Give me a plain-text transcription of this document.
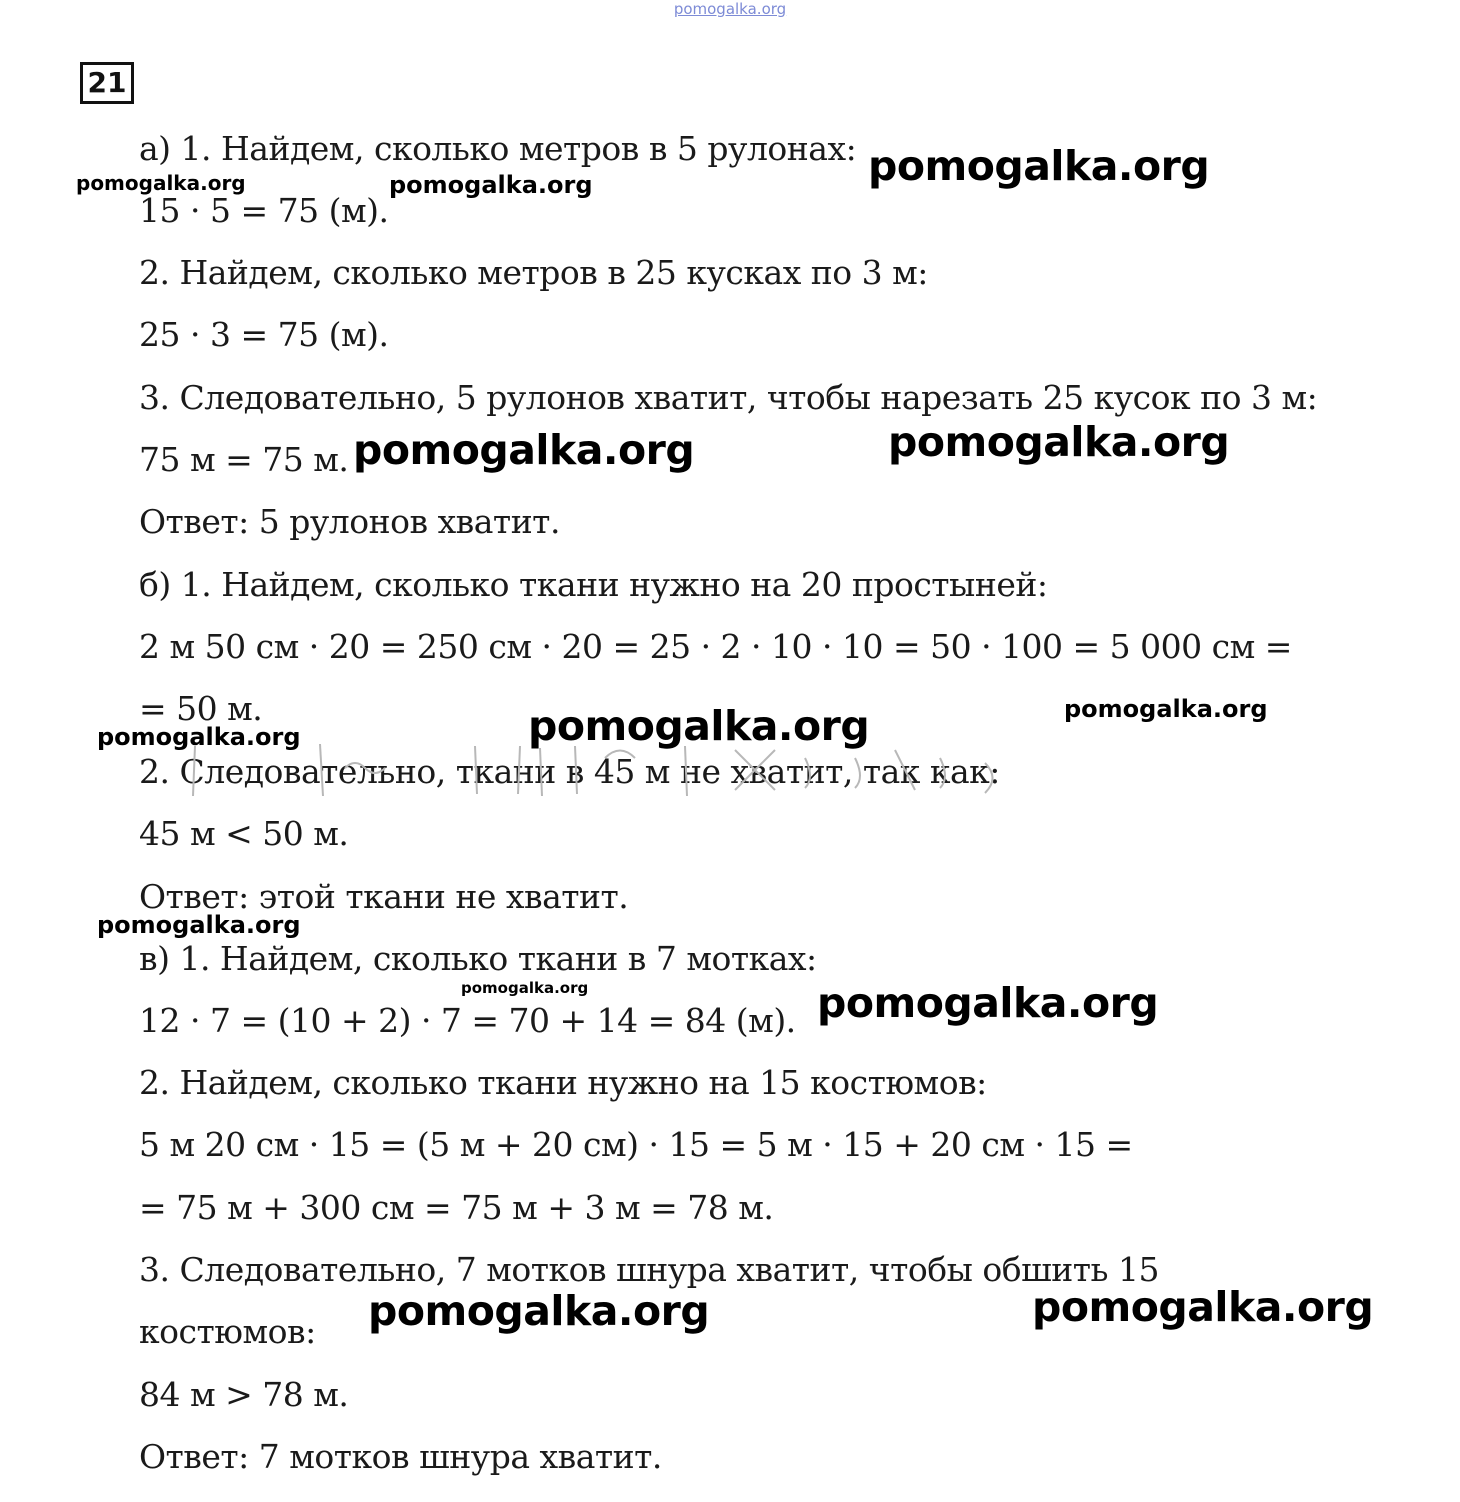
pomogalka.org
21
а) 1. Найдем, сколько метров в 5 рулонах:
15 · 5 = 75 (м).
2. Найдем, сколько метров в 25 кусках по 3 м:
25 · 3 = 75 (м).
3. Следовательно, 5 рулонов хватит, чтобы нарезать 25 кусок по 3 м:
75 м = 75 м.
Ответ: 5 рулонов хватит.
б) 1. Найдем, сколько ткани нужно на 20 простыней:
2 м 50 см · 20 = 250 см · 20 = 25 · 2 · 10 · 10 = 50 · 100 = 5 000 см =
= 50 м.
2. Следовательно, ткани в 45 м не хватит, так как:
45 м < 50 м.
Ответ: этой ткани не хватит.
в) 1. Найдем, сколько ткани в 7 мотках:
12 · 7 = (10 + 2) · 7 = 70 + 14 = 84 (м).
2. Найдем, сколько ткани нужно на 15 костюмов:
5 м 20 см · 15 = (5 м + 20 см) · 15 = 5 м · 15 + 20 см · 15 =
= 75 м + 300 см = 75 м + 3 м = 78 м.
3. Следовательно, 7 мотков шнура хватит, чтобы обшить 15
костюмов:
84 м > 78 м.
Ответ: 7 мотков шнура хватит.
pomogalka.org
pomogalka.org	pomogalka.org
pomogalka.org	pomogalka.org
pomogalka.org	pomogalka.org
pomogalka.org
pomogalka.org
pomogalka.org	pomogalka.org
pomogalka.org	pomogalka.org
